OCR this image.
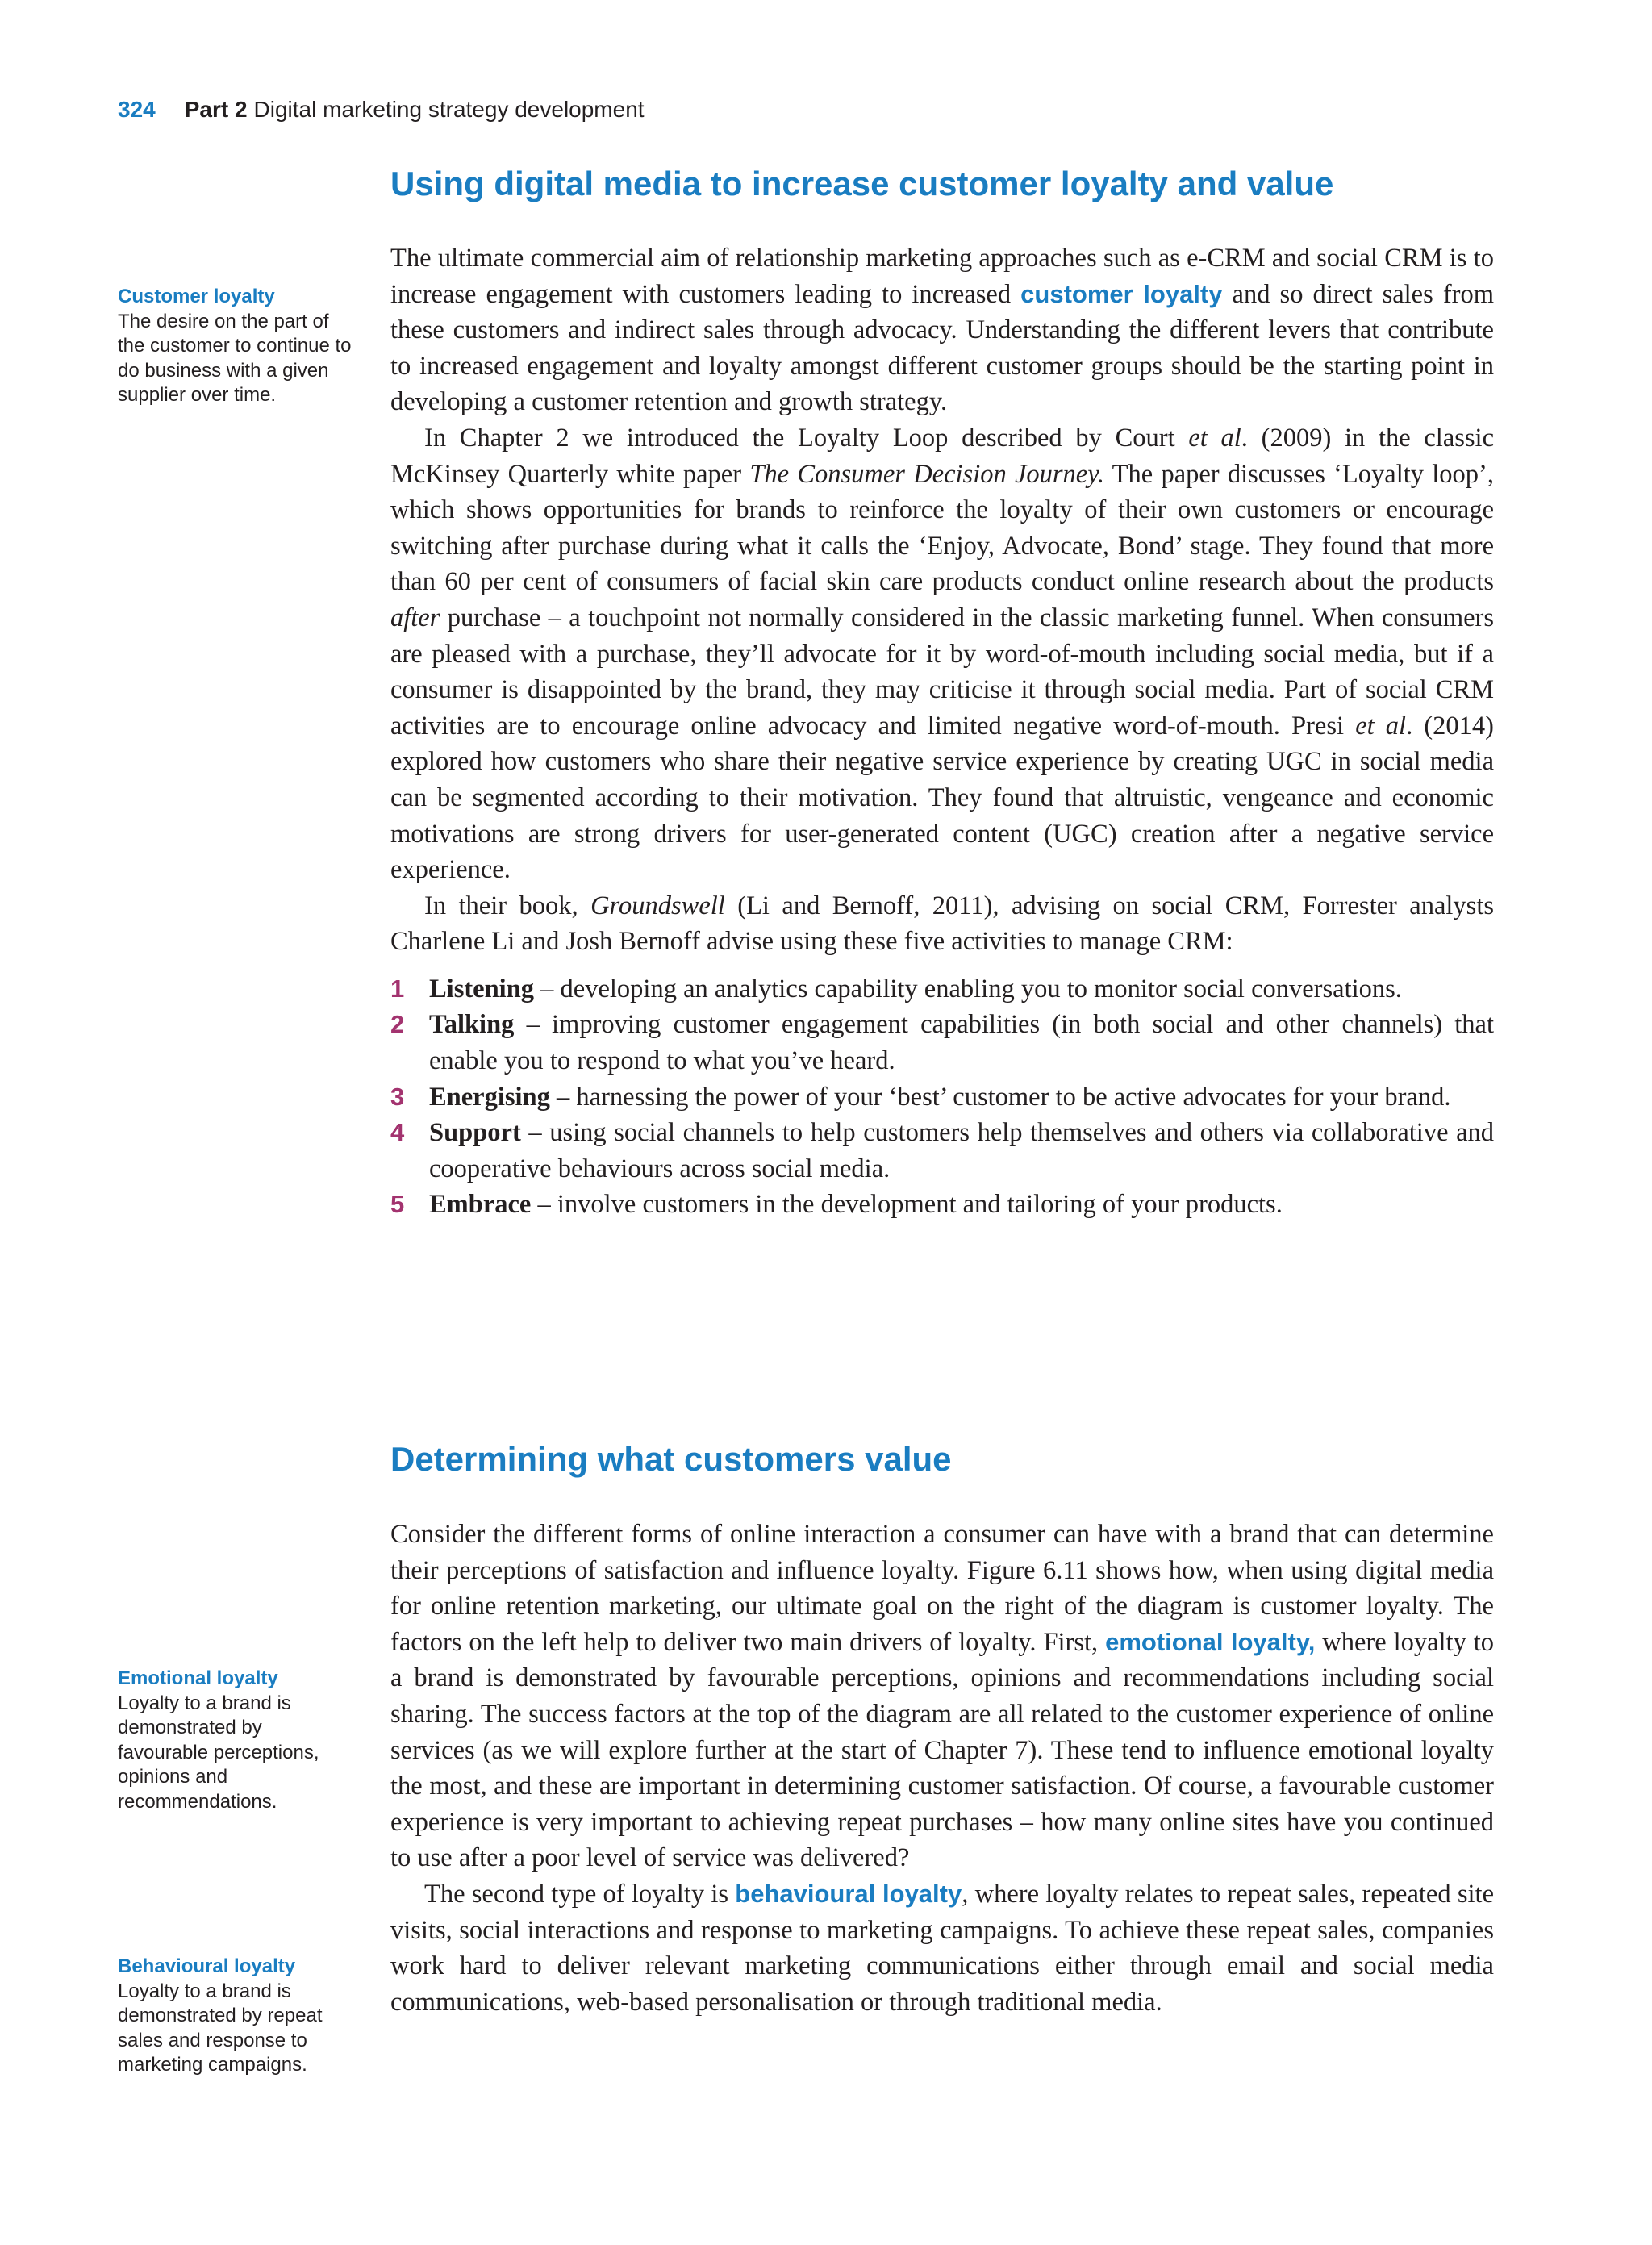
324 Part 2 Digital marketing strategy development
Using digital media to increase customer loyalty and value

The ultimate commercial aim of relationship marketing approaches such as e-CRM and social CRM is to increase engagement with customers leading to increased customer loyalty and so direct sales from these customers and indirect sales through advocacy. Understanding the different levers that contribute to increased engagement and loyalty amongst different customer groups should be the starting point in developing a customer retention and growth strategy.

In Chapter 2 we introduced the Loyalty Loop described by Court et al. (2009) in the classic McKinsey Quarterly white paper The Consumer Decision Journey. The paper discusses ‘Loyalty loop’, which shows opportunities for brands to reinforce the loyalty of their own customers or encourage switching after purchase during what it calls the ‘Enjoy, Advocate, Bond’ stage. They found that more than 60 per cent of consumers of facial skin care products conduct online research about the products after purchase – a touchpoint not normally considered in the classic marketing funnel. When consumers are pleased with a purchase, they’ll advocate for it by word-of-mouth including social media, but if a consumer is disappointed by the brand, they may criticise it through social media. Part of social CRM activities are to encourage online advocacy and limited negative word-of-mouth. Presi et al. (2014) explored how customers who share their negative service experience by creating UGC in social media can be segmented according to their motivation. They found that altruistic, vengeance and economic motivations are strong drivers for user-generated content (UGC) creation after a negative service experience.

In their book, Groundswell (Li and Bernoff, 2011), advising on social CRM, Forrester analysts Charlene Li and Josh Bernoff advise using these five activities to manage CRM:

1 Listening – developing an analytics capability enabling you to monitor social conversations.
2 Talking – improving customer engagement capabilities (in both social and other channels) that enable you to respond to what you’ve heard.
3 Energising – harnessing the power of your ‘best’ customer to be active advocates for your brand.
4 Support – using social channels to help customers help themselves and others via collaborative and cooperative behaviours across social media.
5 Embrace – involve customers in the development and tailoring of your products.
Determining what customers value

Consider the different forms of online interaction a consumer can have with a brand that can determine their perceptions of satisfaction and influence loyalty. Figure 6.11 shows how, when using digital media for online retention marketing, our ultimate goal on the right of the diagram is customer loyalty. The factors on the left help to deliver two main drivers of loyalty. First, emotional loyalty, where loyalty to a brand is demonstrated by favourable perceptions, opinions and recommendations including social sharing. The success factors at the top of the diagram are all related to the customer experience of online services (as we will explore further at the start of Chapter 7). These tend to influence emotional loyalty the most, and these are important in determining customer satisfaction. Of course, a favourable customer experience is very important to achieving repeat purchases – how many online sites have you continued to use after a poor level of service was delivered?

The second type of loyalty is behavioural loyalty, where loyalty relates to repeat sales, repeated site visits, social interactions and response to marketing campaigns. To achieve these repeat sales, companies work hard to deliver relevant marketing communications either through email and social media communications, web-based personalisation or through traditional media.

Customer loyalty
The desire on the part of the customer to continue to do business with a given supplier over time.
Emotional loyalty
Loyalty to a brand is demonstrated by favourable perceptions, opinions and recommendations.
Behavioural loyalty
Loyalty to a brand is demonstrated by repeat sales and response to marketing campaigns.
